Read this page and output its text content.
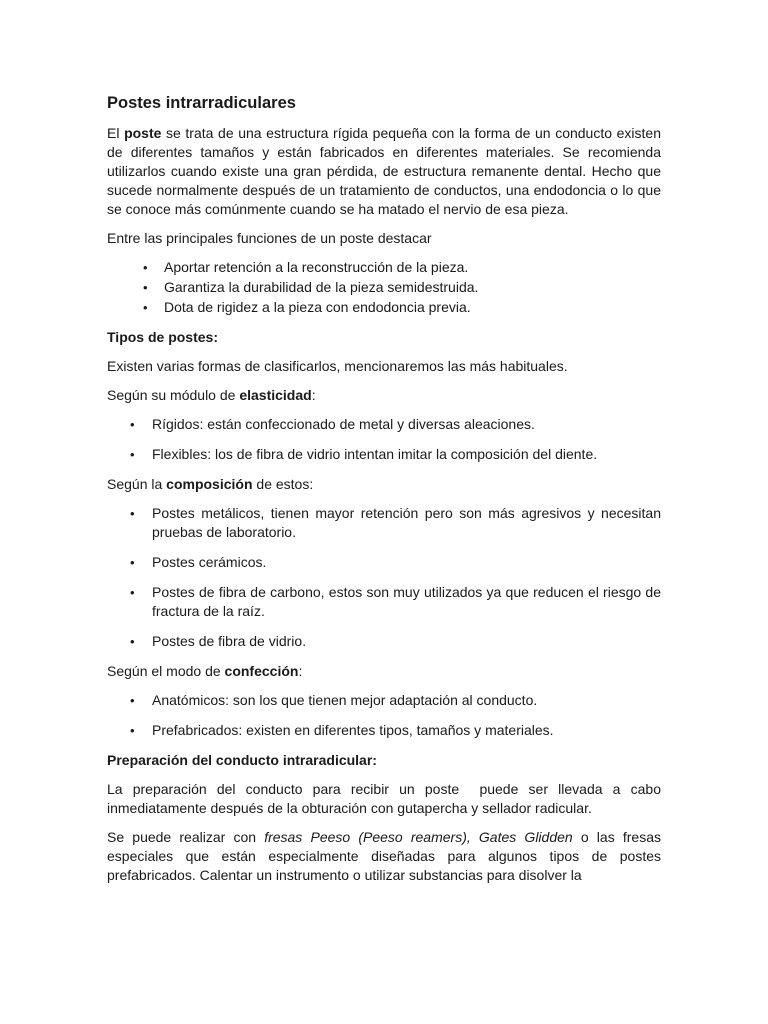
Postes intrarradiculares

El poste se trata de una estructura rígida pequeña con la forma de un conducto existen de diferentes tamaños y están fabricados en diferentes materiales. Se recomienda utilizarlos cuando existe una gran pérdida, de estructura remanente dental. Hecho que sucede normalmente después de un tratamiento de conductos, una endodoncia o lo que se conoce más comúnmente cuando se ha matado el nervio de esa pieza.

Entre las principales funciones de un poste destacar

• Aportar retención a la reconstrucción de la pieza.
• Garantiza la durabilidad de la pieza semidestruida.
• Dota de rigidez a la pieza con endodoncia previa.
Tipos de postes:

Existen varias formas de clasificarlos, mencionaremos las más habituales.

Según su módulo de elasticidad:

• Rígidos: están confeccionado de metal y diversas aleaciones.
• Flexibles: los de fibra de vidrio intentan imitar la composición del diente.

Según la composición de estos:

• Postes metálicos, tienen mayor retención pero son más agresivos y necesitan pruebas de laboratorio.
• Postes cerámicos.
• Postes de fibra de carbono, estos son muy utilizados ya que reducen el riesgo de fractura de la raíz.
• Postes de fibra de vidrio.

Según el modo de confección:

• Anatómicos: son los que tienen mejor adaptación al conducto.
• Prefabricados: existen en diferentes tipos, tamaños y materiales.
Preparación del conducto intraradicular:

La preparación del conducto para recibir un poste  puede ser llevada a cabo inmediatamente después de la obturación con gutapercha y sellador radicular.

Se puede realizar con fresas Peeso (Peeso reamers), Gates Glidden o las fresas especiales que están especialmente diseñadas para algunos tipos de postes prefabricados. Calentar un instrumento o utilizar substancias para disolver la
